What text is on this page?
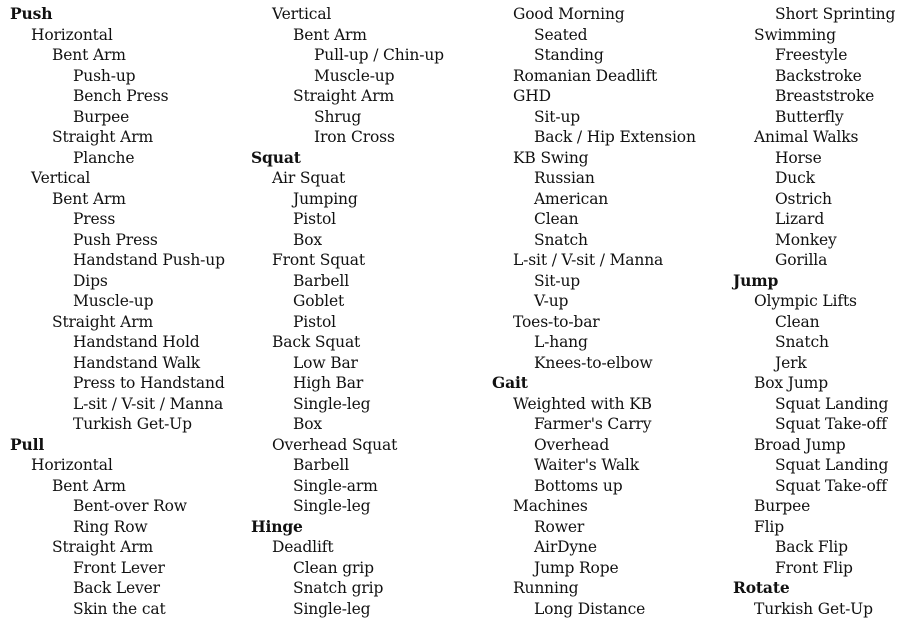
Push
Horizontal
Bent Arm
Push-up
Bench Press
Burpee
Straight Arm
Planche
Vertical
Bent Arm
Press
Push Press
Handstand Push-up
Dips
Muscle-up
Straight Arm
Handstand Hold
Handstand Walk
Press to Handstand
L-sit / V-sit / Manna
Turkish Get-Up
Pull
Horizontal
Bent Arm
Bent-over Row
Ring Row
Straight Arm
Front Lever
Back Lever
Skin the cat
Vertical
Bent Arm
Pull-up / Chin-up
Muscle-up
Straight Arm
Shrug
Iron Cross
Squat
Air Squat
Jumping
Pistol
Box
Front Squat
Barbell
Goblet
Pistol
Back Squat
Low Bar
High Bar
Single-leg
Box
Overhead Squat
Barbell
Single-arm
Single-leg
Hinge
Deadlift
Clean grip
Snatch grip
Single-leg
Good Morning
Seated
Standing
Romanian Deadlift
GHD
Sit-up
Back / Hip Extension
KB Swing
Russian
American
Clean
Snatch
L-sit / V-sit / Manna
Sit-up
V-up
Toes-to-bar
L-hang
Knees-to-elbow
Gait
Weighted with KB
Farmer's Carry
Overhead
Waiter's Walk
Bottoms up
Machines
Rower
AirDyne
Jump Rope
Running
Long Distance
Short Sprinting
Swimming
Freestyle
Backstroke
Breaststroke
Butterfly
Animal Walks
Horse
Duck
Ostrich
Lizard
Monkey
Gorilla
Jump
Olympic Lifts
Clean
Snatch
Jerk
Box Jump
Squat Landing
Squat Take-off
Broad Jump
Squat Landing
Squat Take-off
Burpee
Flip
Back Flip
Front Flip
Rotate
Turkish Get-Up
